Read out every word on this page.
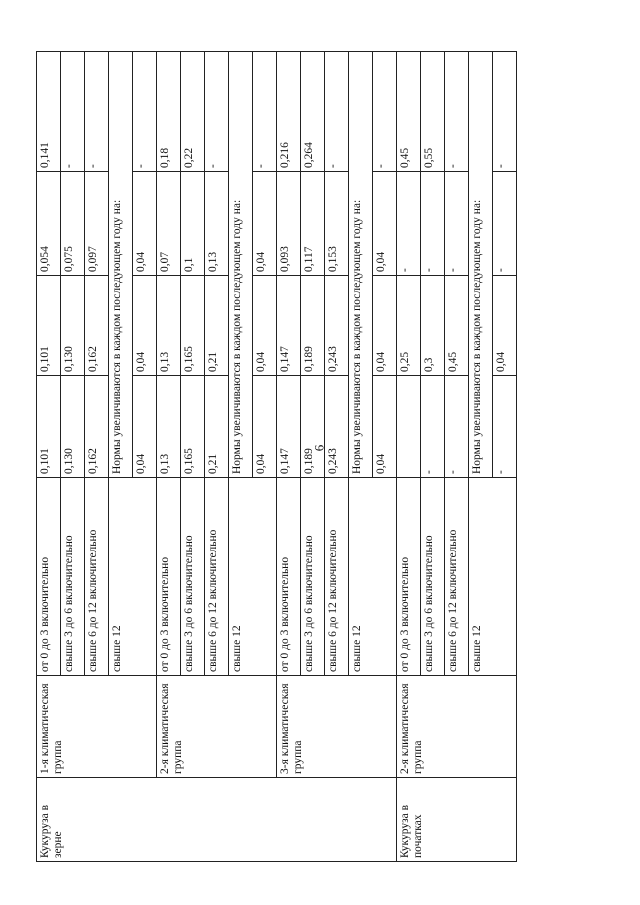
6
Кукуруза в зерне	1-я климатическая группа	от 0 до 3 включительно	0,101	0,101	0,054	0,141
		свыше 3 до 6 включительно	0,130	0,130	0,075	-
		свыше 6 до 12 включительно	0,162	0,162	0,097	-
		свыше 12	Нормы увеличиваются в каждом последующем году на:			
			0,04	0,04	0,04	-
	2-я климатическая группа	от 0 до 3 включительно	0,13	0,13	0,07	0,18
		свыше 3 до 6 включительно	0,165	0,165	0,1	0,22
		свыше 6 до 12 включительно	0,21	0,21	0,13	-
		свыше 12	Нормы увеличиваются в каждом последующем году на:			
			0,04	0,04	0,04	-
	3-я климатическая группа	от 0 до 3 включительно	0,147	0,147	0,093	0,216
		свыше 3 до 6 включительно	0,189	0,189	0,117	0,264
		свыше 6 до 12 включительно	0,243	0,243	0,153	-
		свыше 12	Нормы увеличиваются в каждом последующем году на:			
			0,04	0,04	0,04	-
Кукуруза в початках	2-я климатическая группа	от 0 до 3 включительно		0,25	-	0,45
		свыше 3 до 6 включительно	-	0,3	-	0,55
		свыше 6 до 12 включительно	-	0,45	-	-
		свыше 12	Нормы увеличиваются в каждом последующем году на:			
			-	0,04	-	-
